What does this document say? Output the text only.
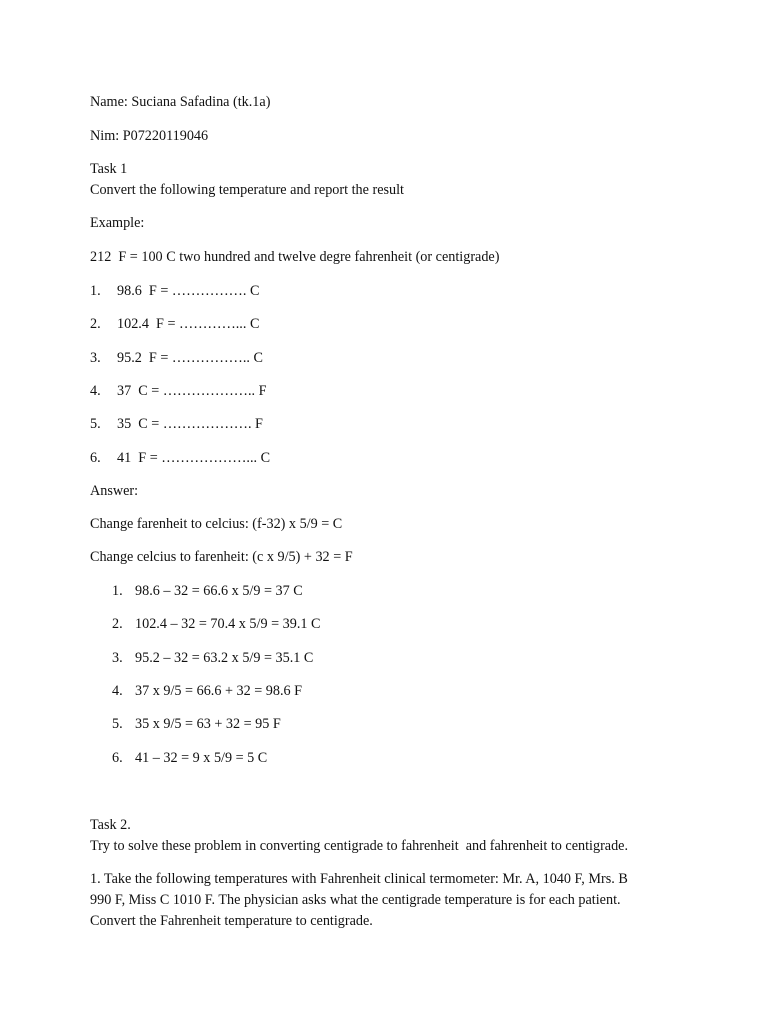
Name: Suciana Safadina (tk.1a)
Nim: P07220119046
Task 1
Convert the following temperature and report the result
Example:
212  F = 100 C two hundred and twelve degre fahrenheit (or centigrade)
1. 98.6  F = ……………. C
2. 102.4  F = …………... C
3. 95.2  F = …………….. C
4. 37  C = ……………….. F
5. 35  C = ………………. F
6. 41  F = ………………... C
Answer:
Change farenheit to celcius: (f-32) x 5/9 = C
Change celcius to farenheit: (c x 9/5) + 32 = F
1. 98.6 – 32 = 66.6 x 5/9 = 37 C
2. 102.4 – 32 = 70.4 x 5/9 = 39.1 C
3. 95.2 – 32 = 63.2 x 5/9 = 35.1 C
4. 37 x 9/5 = 66.6 + 32 = 98.6 F
5. 35 x 9/5 = 63 + 32 = 95 F
6. 41 – 32 = 9 x 5/9 = 5 C
Task 2.
Try to solve these problem in converting centigrade to fahrenheit  and fahrenheit to centigrade.
1. Take the following temperatures with Fahrenheit clinical termometer: Mr. A, 1040 F, Mrs. B
990 F, Miss C 1010 F. The physician asks what the centigrade temperature is for each patient.
Convert the Fahrenheit temperature to centigrade.
